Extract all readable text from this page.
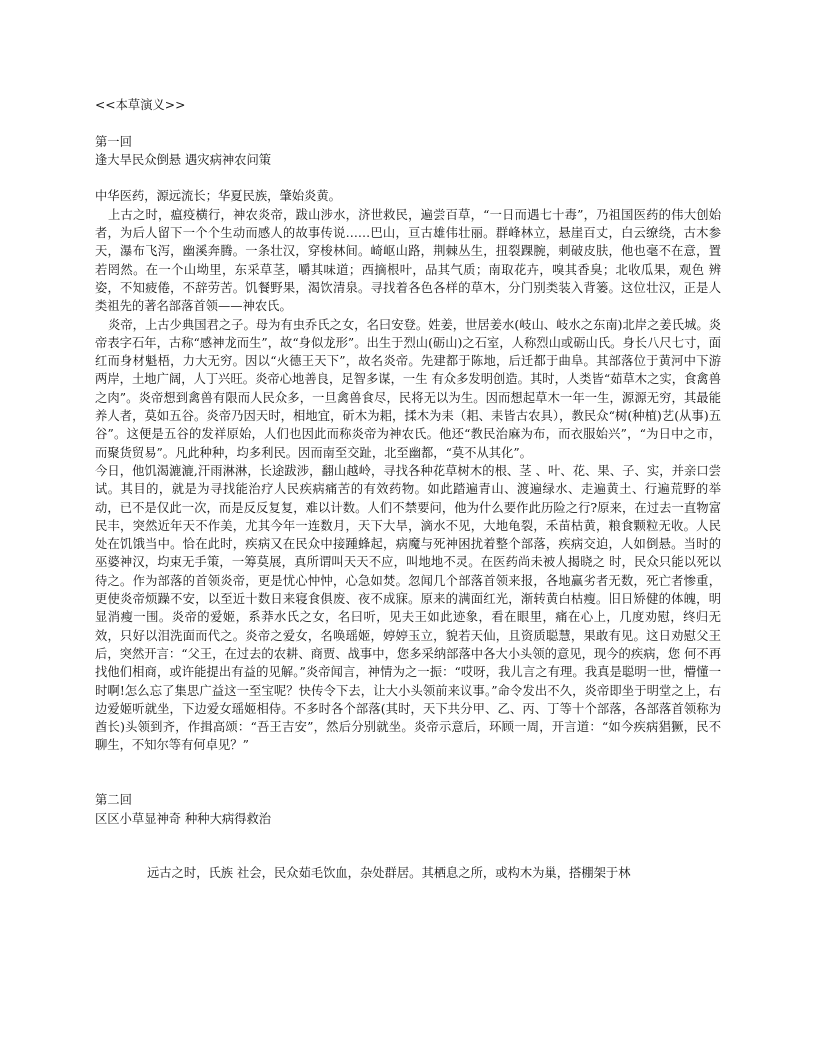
<<本草演义>>

第一回
逢大旱民众倒悬 遇灾病神农问策

中华医药，源远流长；华夏民族，肇始炎黄。

上古之时，瘟疫横行，神农炎帝，跋山涉水，济世救民，遍尝百草，“一日而遇七十毒”，乃祖国医药的伟大创始者，为后人留下一个个生动而感人的故事传说……巴山，亘古雄伟壮丽。群峰林立，悬崖百丈，白云缭绕，古木参天，瀑布飞泻，幽溪奔腾。一条壮汉，穿梭林间。崎岖山路，荆棘丛生，扭裂踝腕，刺破皮肤，他也毫不在意，置若罔然。在一个山坳里，东采草茎，嚼其味道；西摘根叶，品其气质；南取花卉，嗅其香臭；北收瓜果，观色 辨姿，不知疲倦，不辞劳苦。饥餐野果，渴饮清泉。寻找着各色各样的草木，分门别类装入背篓。这位壮汉，正是人类祖先的著名部落首领——神农氏。

炎帝，上古少典国君之子。母为有虫乔氏之女，名曰安登。姓姜，世居姜水(岐山、岐水之东南)北岸之姜氏城。炎帝表字石年，古称“感神龙而生”，故“身似龙形”。出生于烈山(砺山)之石室，人称烈山或砺山氏。身长八尺七寸，面红而身材魁梧，力大无穷。因以“火德王天下”，故名炎帝。先建都于陈地，后迁都于曲阜。其部落位于黄河中下游两岸，土地广阔，人丁兴旺。炎帝心地善良，足智多谋，一生 有众多发明创造。其时，人类皆“茹草木之实，食禽兽之肉”。炎帝想到禽兽有限而人民众多，一旦禽兽食尽，民将无以为生。因而想起草木一年一生，源源无穷，其最能养人者，莫如五谷。炎帝乃因天时，相地宜，斫木为耜，揉木为耒（耜、耒皆古农具），教民众“树(种植)艺(从事)五谷”。这便是五谷的发祥原始，人们也因此而称炎帝为神农氏。他还“教民治麻为布，而衣服始兴”，“为日中之市，而聚货贸易”。凡此种种，均多利民。因而南至交趾，北至幽都，“莫不从其化”。

今日，他饥渴漉漉,汗雨淋淋，长途跋涉，翻山越岭，寻找各种花草树木的根、茎 、叶、花、果、子、实，并亲口尝试。其目的，就是为寻找能治疗人民疾病痛苦的有效药物。如此踏遍青山、渡遍绿水、走遍黄土、行遍荒野的举动，已不是仅此一次，而是反反复复，难以计数。人们不禁要问，他为什么要作此历险之行?原来，在过去一直物富民丰，突然近年天不作美，尤其今年一连数月，天下大旱，滴水不见，大地龟裂，禾苗枯黄，粮食颗粒无收。人民处在饥饿当中。恰在此时，疾病又在民众中接踵蜂起，病魔与死神困扰着整个部落，疾病交迫，人如倒悬。当时的巫婆神汉，均束无手策，一筹莫展，真所谓叫天天不应，叫地地不灵。在医药尚未被人揭晓之 时，民众只能以死以待之。作为部落的首领炎帝，更是忧心忡忡，心急如焚。忽闻几个部落首领来报，各地赢劣者无数，死亡者惨重，更使炎帝烦躁不安，以至近十数日来寝食俱废、夜不成寐。原来的满面红光，渐转黄白枯瘦。旧日矫健的体魄，明显消瘦一围。炎帝的爱姬，系莽水氏之女，名曰听，见夫王如此迹象，看在眼里，痛在心上，几度劝慰，终归无效，只好以泪洗面而代之。炎帝之爱女，名唤瑶姬，婷婷玉立，貌若天仙，且资质聪慧，果敢有见。这日劝慰父王后，突然开言：“父王，在过去的农耕、商贾、战事中，您多采纳部落中各大小头领的意见，现今的疾病，您 何不再找他们相商，或许能提出有益的见解。”炎帝闻言，神情为之一振：“哎呀，我儿言之有理。我真是聪明一世，懵懂一时啊!怎么忘了集思广益这一至宝呢？快传令下去，让大小头领前来议事。”命令发出不久，炎帝即坐于明堂之上，右边爱姬听就坐，下边爱女瑶姬相侍。不多时各个部落(其时，天下共分甲、乙、丙、丁等十个部落，各部落首领称为酋长)头领到齐，作揖高颂：“吾王吉安”，然后分别就坐。炎帝示意后，环顾一周，开言道：“如今疾病猖獗，民不聊生，不知尔等有何卓见？”

第二回
区区小草显神奇 种种大病得救治

远古之时，氏族 社会，民众茹毛饮血，杂处群居。其栖息之所，或构木为巢，搭棚架于林
